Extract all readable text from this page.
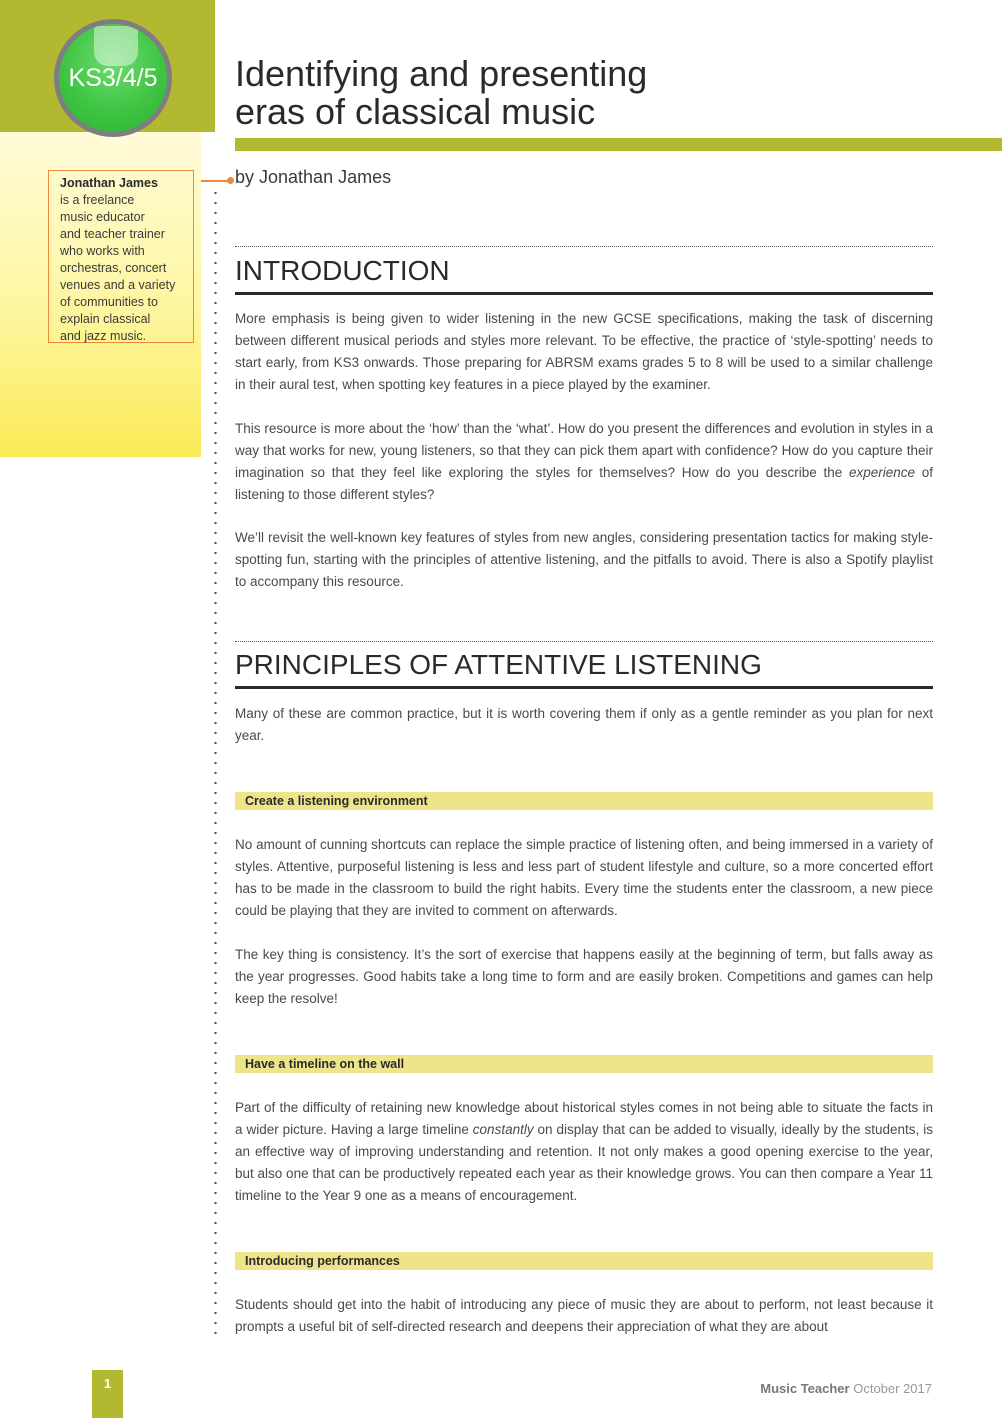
KS3/4/5 Identifying and presenting
eras of classical music
Jonathan James
is a freelance
music educator
and teacher trainer
who works with
orchestras, concert
venues and a variety
of communities to
explain classical
and jazz music.
by Jonathan James
INTRODUCTION

More emphasis is being given to wider listening in the new GCSE specifications, making the task of discerning between different musical periods and styles more relevant. To be effective, the practice of ‘style-spotting’ needs to start early, from KS3 onwards. Those preparing for ABRSM exams grades 5 to 8 will be used to a similar challenge in their aural test, when spotting key features in a piece played by the examiner.

This resource is more about the ‘how’ than the ‘what’. How do you present the differences and evolution in styles in a way that works for new, young listeners, so that they can pick them apart with confidence? How do you capture their imagination so that they feel like exploring the styles for themselves? How do you describe the experience of listening to those different styles?

We’ll revisit the well-known key features of styles from new angles, considering presentation tactics for making style-spotting fun, starting with the principles of attentive listening, and the pitfalls to avoid. There is also a Spotify playlist to accompany this resource.

PRINCIPLES OF ATTENTIVE LISTENING

Many of these are common practice, but it is worth covering them if only as a gentle reminder as you plan for next year.

Create a listening environment

No amount of cunning shortcuts can replace the simple practice of listening often, and being immersed in a variety of styles. Attentive, purposeful listening is less and less part of student lifestyle and culture, so a more concerted effort has to be made in the classroom to build the right habits. Every time the students enter the classroom, a new piece could be playing that they are invited to comment on afterwards.

The key thing is consistency. It’s the sort of exercise that happens easily at the beginning of term, but falls away as the year progresses. Good habits take a long time to form and are easily broken. Competitions and games can help keep the resolve!

Have a timeline on the wall

Part of the difficulty of retaining new knowledge about historical styles comes in not being able to situate the facts in a wider picture. Having a large timeline constantly on display that can be added to visually, ideally by the students, is an effective way of improving understanding and retention. It not only makes a good opening exercise to the year, but also one that can be productively repeated each year as their knowledge grows. You can then compare a Year 11 timeline to the Year 9 one as a means of encouragement.

Introducing performances

Students should get into the habit of introducing any piece of music they are about to perform, not least because it prompts a useful bit of self-directed research and deepens their appreciation of what they are about

1	Music Teacher October 2017
